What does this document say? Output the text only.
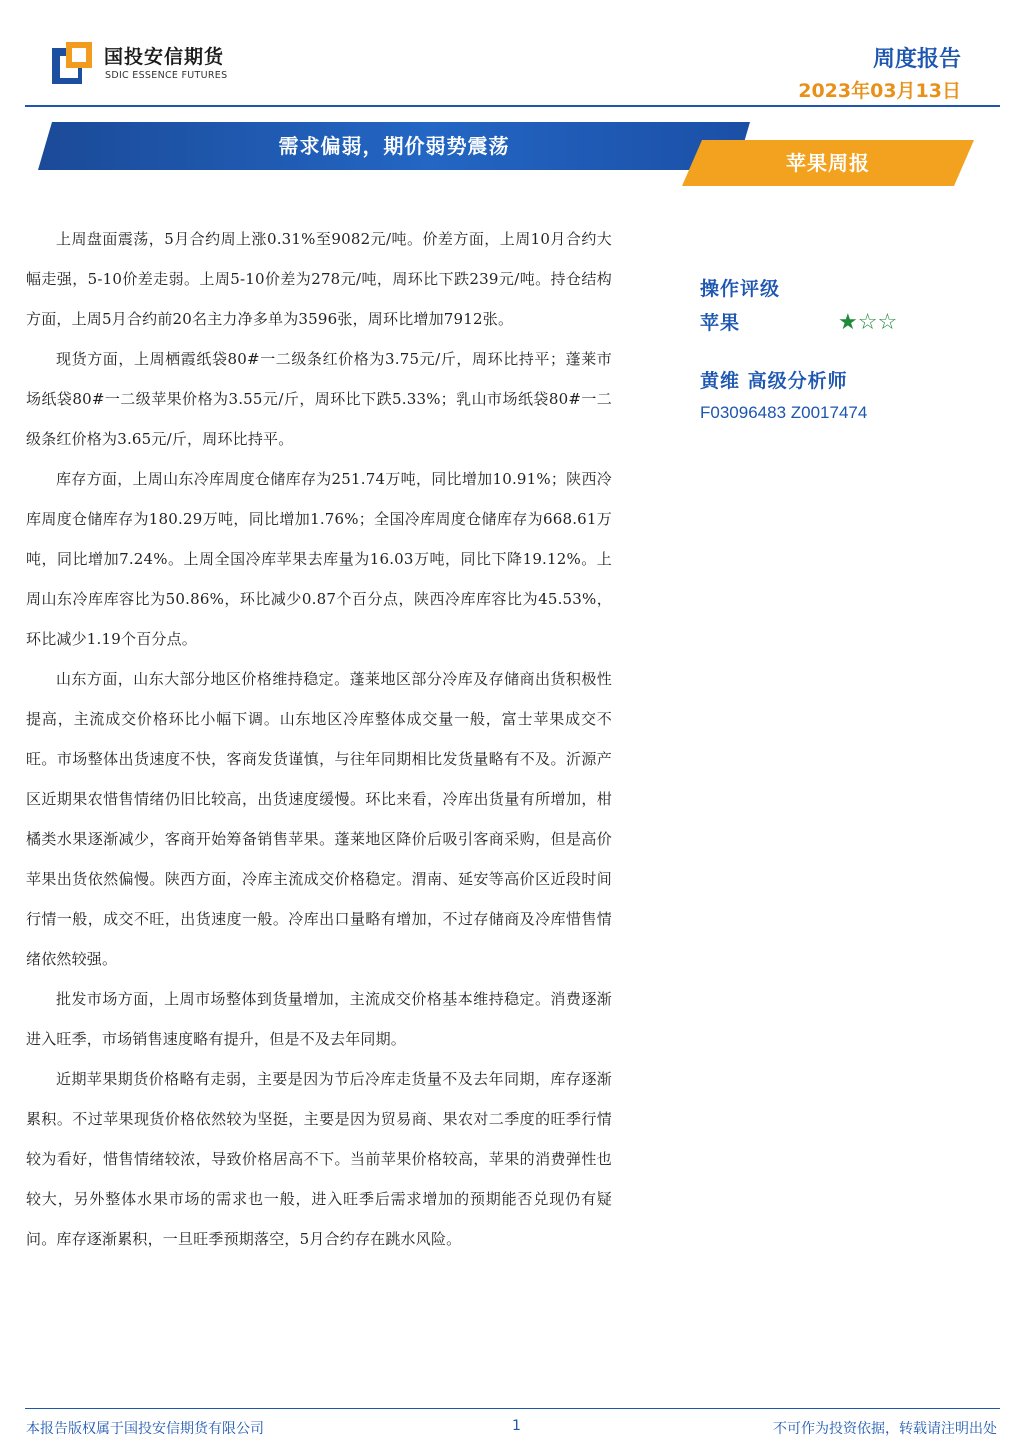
国投安信期货
SDIC ESSENCE FUTURES
周度报告
2023年03月13日
需求偏弱，期价弱势震荡
苹果周报

上周盘面震荡，5月合约周上涨0.31%至9082元/吨。价差方面，上周10月合约大幅走强，5-10价差走弱。上周5-10价差为278元/吨，周环比下跌239元/吨。持仓结构方面，上周5月合约前20名主力净多单为3596张，周环比增加7912张。

现货方面，上周栖霞纸袋80#一二级条红价格为3.75元/斤，周环比持平；蓬莱市场纸袋80#一二级苹果价格为3.55元/斤，周环比下跌5.33%；乳山市场纸袋80#一二级条红价格为3.65元/斤，周环比持平。

库存方面，上周山东冷库周度仓储库存为251.74万吨，同比增加10.91%；陕西冷库周度仓储库存为180.29万吨，同比增加1.76%；全国冷库周度仓储库存为668.61万吨，同比增加7.24%。上周全国冷库苹果去库量为16.03万吨，同比下降19.12%。上周山东冷库库容比为50.86%，环比减少0.87个百分点，陕西冷库库容比为45.53%，环比减少1.19个百分点。

山东方面，山东大部分地区价格维持稳定。蓬莱地区部分冷库及存储商出货积极性提高，主流成交价格环比小幅下调。山东地区冷库整体成交量一般，富士苹果成交不旺。市场整体出货速度不快，客商发货谨慎，与往年同期相比发货量略有不及。沂源产区近期果农惜售情绪仍旧比较高，出货速度缓慢。环比来看，冷库出货量有所增加，柑橘类水果逐渐减少，客商开始筹备销售苹果。蓬莱地区降价后吸引客商采购，但是高价苹果出货依然偏慢。陕西方面，冷库主流成交价格稳定。渭南、延安等高价区近段时间行情一般，成交不旺，出货速度一般。冷库出口量略有增加，不过存储商及冷库惜售情绪依然较强。

批发市场方面，上周市场整体到货量增加，主流成交价格基本维持稳定。消费逐渐进入旺季，市场销售速度略有提升，但是不及去年同期。

近期苹果期货价格略有走弱，主要是因为节后冷库走货量不及去年同期，库存逐渐累积。不过苹果现货价格依然较为坚挺，主要是因为贸易商、果农对二季度的旺季行情较为看好，惜售情绪较浓，导致价格居高不下。当前苹果价格较高，苹果的消费弹性也较大，另外整体水果市场的需求也一般，进入旺季后需求增加的预期能否兑现仍有疑问。库存逐渐累积，一旦旺季预期落空，5月合约存在跳水风险。

操作评级
苹果	★☆☆
黄维 高级分析师
F03096483 Z0017474
本报告版权属于国投安信期货有限公司	1	不可作为投资依据，转载请注明出处
